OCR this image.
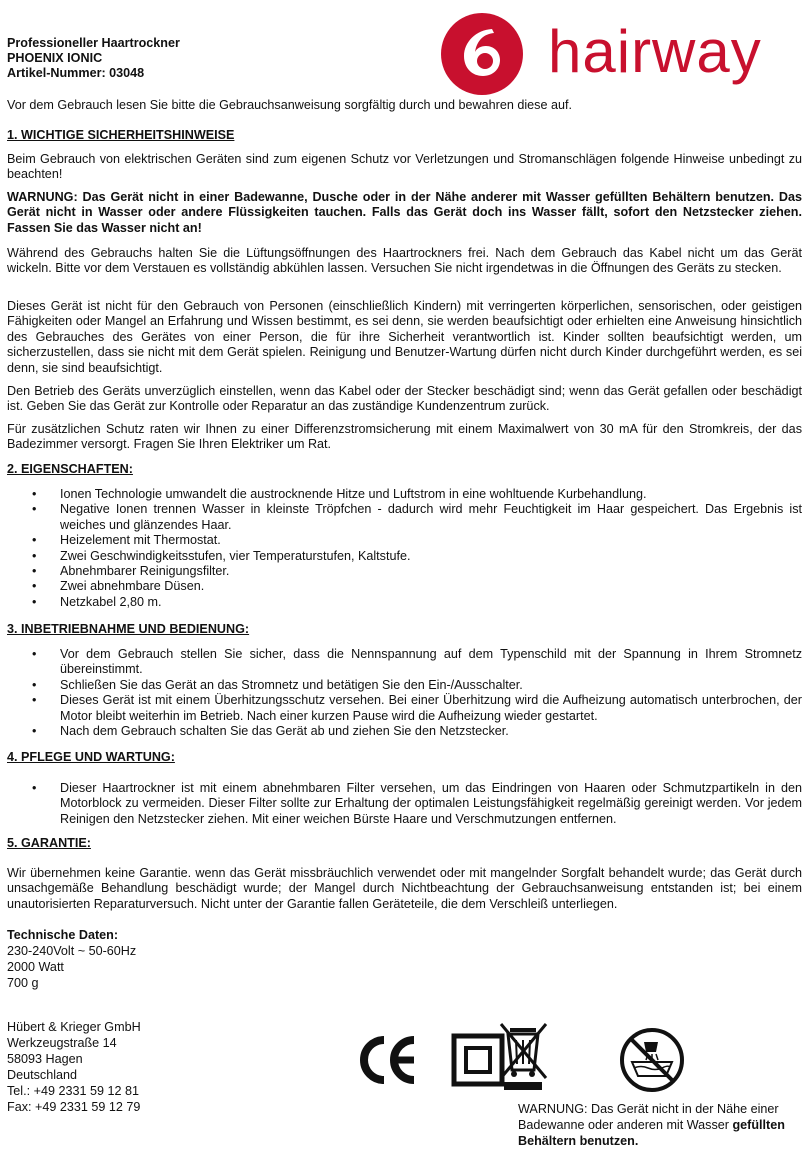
Professioneller Haartrockner
PHOENIX IONIC
Artikel-Nummer: 03048	hairway
Vor dem Gebrauch lesen Sie bitte die Gebrauchsanweisung sorgfältig durch und bewahren diese auf.
1. WICHTIGE SICHERHEITSHINWEISE
Beim Gebrauch von elektrischen Geräten sind zum eigenen Schutz vor Verletzungen und Stromanschlägen folgende Hinweise unbedingt zu beachten!
WARNUNG: Das Gerät nicht in einer Badewanne, Dusche oder in der Nähe anderer mit Wasser gefüllten Behältern benutzen. Das Gerät nicht in Wasser oder andere Flüssigkeiten tauchen. Falls das Gerät doch ins Wasser fällt, sofort den Netzstecker ziehen. Fassen Sie das Wasser nicht an!
Während des Gebrauchs halten Sie die Lüftungsöffnungen des Haartrockners frei. Nach dem Gebrauch das Kabel nicht um das Gerät wickeln. Bitte vor dem Verstauen es vollständig abkühlen lassen. Versuchen Sie nicht irgendetwas in die Öffnungen des Geräts zu stecken.
Dieses Gerät ist nicht für den Gebrauch von Personen (einschließlich Kindern) mit verringerten körperlichen, sensorischen, oder geistigen Fähigkeiten oder Mangel an Erfahrung und Wissen bestimmt, es sei denn, sie werden beaufsichtigt oder erhielten eine Anweisung hinsichtlich des Gebrauches des Gerätes von einer Person, die für ihre Sicherheit verantwortlich ist. Kinder sollten beaufsichtigt werden, um sicherzustellen, dass sie nicht mit dem Gerät spielen. Reinigung und Benutzer-Wartung dürfen nicht durch Kinder durchgeführt werden, es sei denn, sie sind beaufsichtigt.
Den Betrieb des Geräts unverzüglich einstellen, wenn das Kabel oder der Stecker beschädigt sind; wenn das Gerät gefallen oder beschädigt ist. Geben Sie das Gerät zur Kontrolle oder Reparatur an das zuständige Kundenzentrum zurück.
Für zusätzlichen Schutz raten wir Ihnen zu einer Differenzstromsicherung mit einem Maximalwert von 30 mA für den Stromkreis, der das Badezimmer versorgt. Fragen Sie Ihren Elektriker um Rat.
2. EIGENSCHAFTEN:
• Ionen Technologie umwandelt die austrocknende Hitze und Luftstrom in eine wohltuende Kurbehandlung.
• Negative Ionen trennen Wasser in kleinste Tröpfchen - dadurch wird mehr Feuchtigkeit im Haar gespeichert. Das Ergebnis ist weiches und glänzendes Haar.
• Heizelement mit Thermostat.
• Zwei Geschwindigkeitsstufen, vier Temperaturstufen, Kaltstufe.
• Abnehmbarer Reinigungsfilter.
• Zwei abnehmbare Düsen.
• Netzkabel 2,80 m.
3. INBETRIEBNAHME UND BEDIENUNG:
• Vor dem Gebrauch stellen Sie sicher, dass die Nennspannung auf dem Typenschild mit der Spannung in Ihrem Stromnetz übereinstimmt.
• Schließen Sie das Gerät an das Stromnetz und betätigen Sie den Ein-/Ausschalter.
• Dieses Gerät ist mit einem Überhitzungsschutz versehen. Bei einer Überhitzung wird die Aufheizung automatisch unterbrochen, der Motor bleibt weiterhin im Betrieb. Nach einer kurzen Pause wird die Aufheizung wieder gestartet.
• Nach dem Gebrauch schalten Sie das Gerät ab und ziehen Sie den Netzstecker.
4. PFLEGE UND WARTUNG:
• Dieser Haartrockner ist mit einem abnehmbaren Filter versehen, um das Eindringen von Haaren oder Schmutzpartikeln in den Motorblock zu vermeiden. Dieser Filter sollte zur Erhaltung der optimalen Leistungsfähigkeit regelmäßig gereinigt werden. Vor jedem Reinigen den Netzstecker ziehen. Mit einer weichen Bürste Haare und Verschmutzungen entfernen.
5. GARANTIE:
Wir übernehmen keine Garantie. wenn das Gerät missbräuchlich verwendet oder mit mangelnder Sorgfalt behandelt wurde; das Gerät durch unsachgemäße Behandlung beschädigt wurde; der Mangel durch Nichtbeachtung der Gebrauchsanweisung entstanden ist; bei einem unautorisierten Reparaturversuch. Nicht unter der Garantie fallen Geräteteile, die dem Verschleiß unterliegen.
Technische Daten:
230-240Volt ~ 50-60Hz
2000 Watt
700 g
Hübert & Krieger GmbH
Werkzeugstraße 14
58093 Hagen
Deutschland
Tel.: +49 2331 59 12 81
Fax: +49 2331 59 12 79	WARNUNG: Das Gerät nicht in der Nähe einer Badewanne oder anderen mit Wasser gefüllten Behältern benutzen.
